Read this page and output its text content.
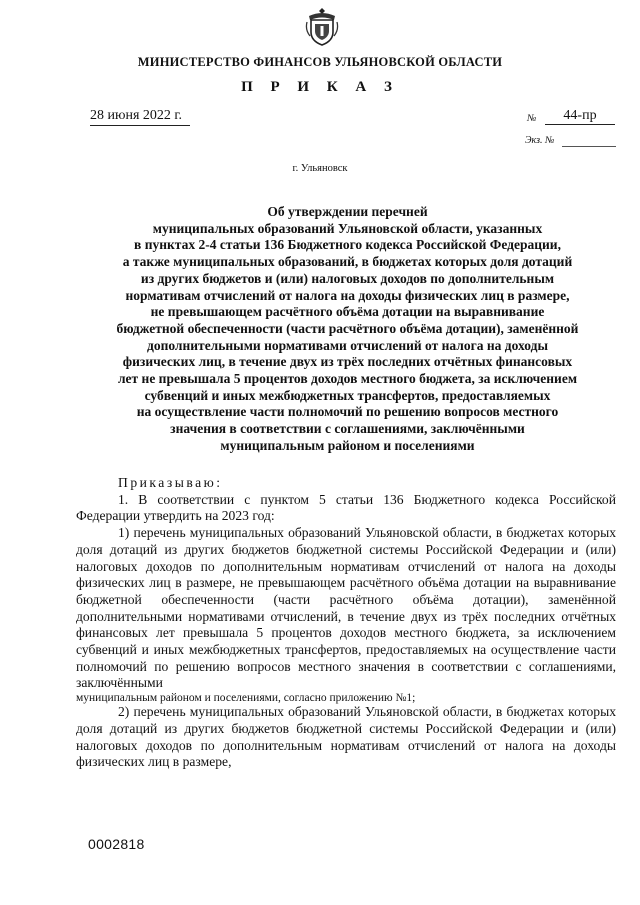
МИНИСТЕРСТВО ФИНАНСОВ УЛЬЯНОВСКОЙ ОБЛАСТИ
П Р И К А З
28 июня 2022 г.	№	44-пр
Экз. №
г. Ульяновск
Об утверждении перечней
муниципальных образований Ульяновской области, указанных
в пунктах 2-4 статьи 136 Бюджетного кодекса Российской Федерации,
а также муниципальных образований, в бюджетах которых доля дотаций
из других бюджетов и (или) налоговых доходов по дополнительным
нормативам отчислений от налога на доходы физических лиц в размере,
не превышающем расчётного объёма дотации на выравнивание
бюджетной обеспеченности (части расчётного объёма дотации), заменённой
дополнительными нормативами отчислений от налога на доходы
физических лиц, в течение двух из трёх последних отчётных финансовых
лет не превышала 5 процентов доходов местного бюджета, за исключением
субвенций и иных межбюджетных трансфертов, предоставляемых
на осуществление части полномочий по решению вопросов местного
значения в соответствии с соглашениями, заключёнными
муниципальным районом и поселениями

Приказываю:

1. В соответствии с пунктом 5 статьи 136 Бюджетного кодекса Российской Федерации утвердить на 2023 год:

1) перечень муниципальных образований Ульяновской области, в бюджетах которых доля дотаций из других бюджетов бюджетной системы Российской Федерации и (или) налоговых доходов по дополнительным нормативам отчислений от налога на доходы физических лиц в размере, не превышающем расчётного объёма дотации на выравнивание бюджетной обеспеченности (части расчётного объёма дотации), заменённой дополнительными нормативами отчислений, в течение двух из трёх последних отчётных финансовых лет превышала 5 процентов доходов местного бюджета, за исключением субвенций и иных межбюджетных трансфертов, предоставляемых на осуществление части полномочий по решению вопросов местного значения в соответствии с соглашениями, заключёнными

муниципальным районом и поселениями, согласно приложению №1;

2) перечень муниципальных образований Ульяновской области, в бюджетах которых доля дотаций из других бюджетов бюджетной системы Российской Федерации и (или) налоговых доходов по дополнительным нормативам отчислений от налога на доходы физических лиц в размере,

0002818
